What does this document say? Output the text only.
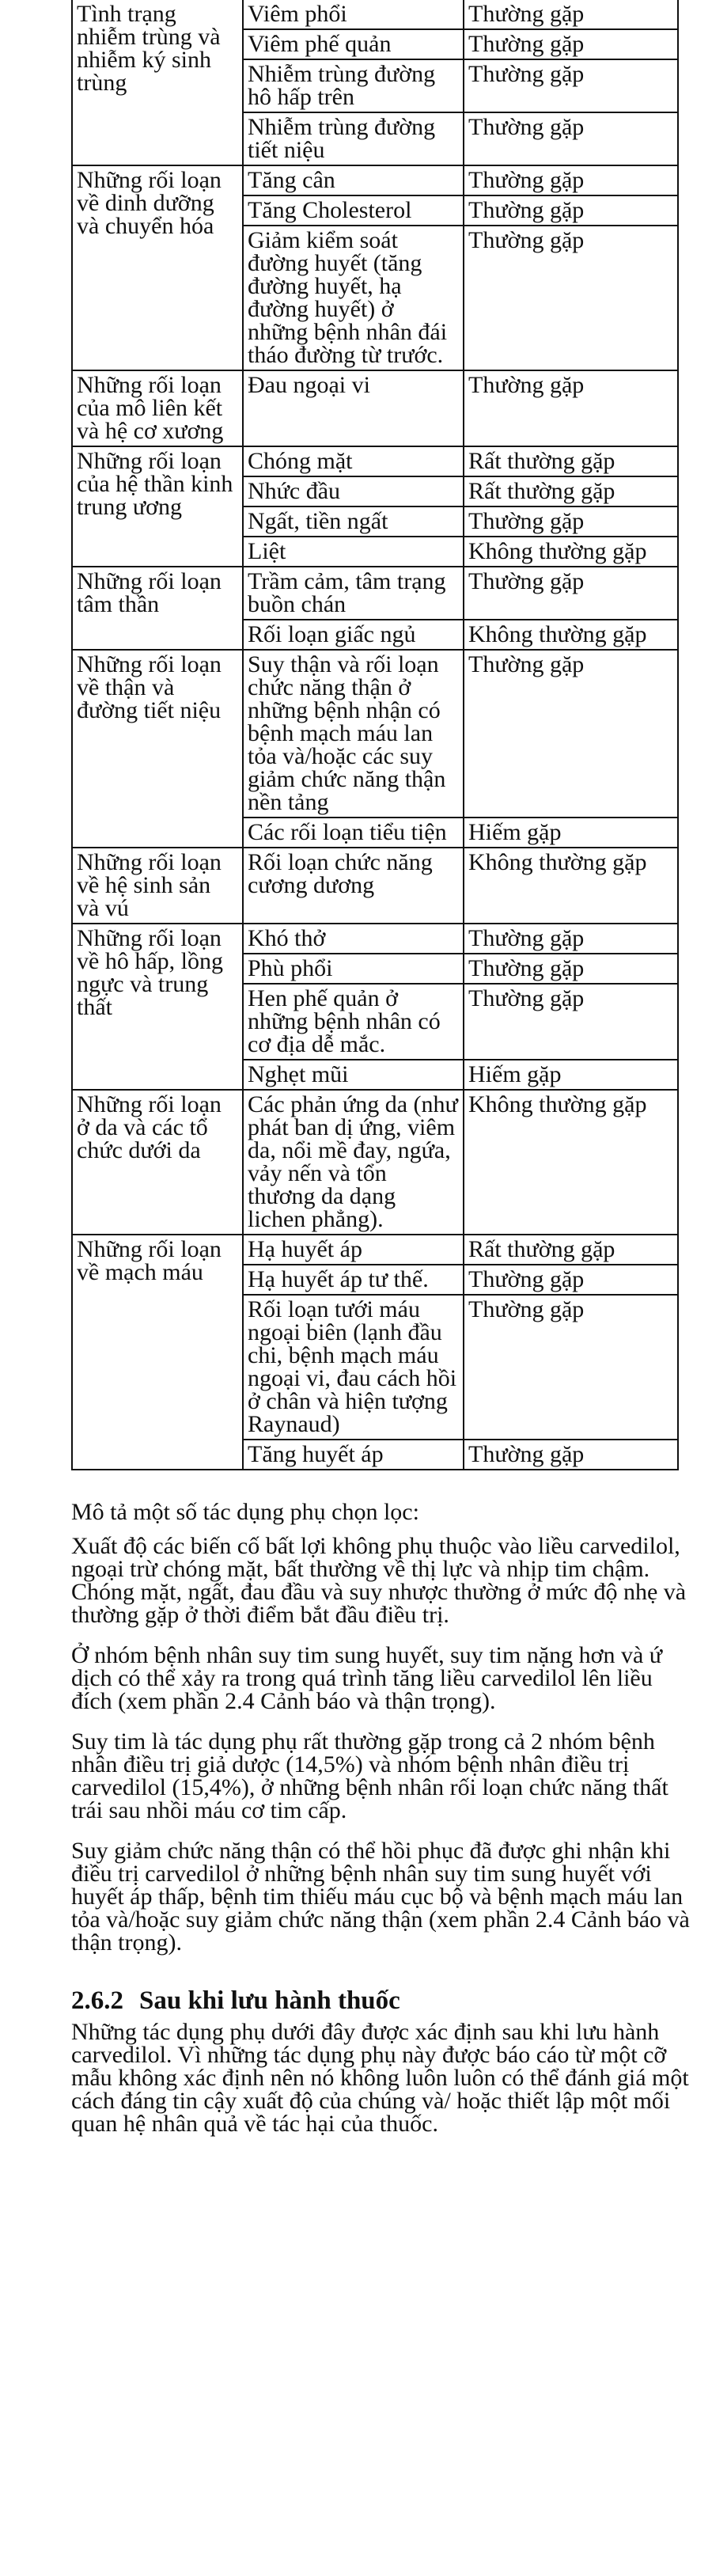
Tình trạng nhiễm trùng và nhiễm ký sinh trùng	Viêm phổi	Thường gặp
	Viêm phế quản	Thường gặp
	Nhiễm trùng đường hô hấp trên	Thường gặp
	Nhiễm trùng đường tiết niệu	Thường gặp
Những rối loạn về dinh dưỡng và chuyển hóa	Tăng cân	Thường gặp
	Tăng Cholesterol	Thường gặp
	Giảm kiểm soát đường huyết (tăng đường huyết, hạ đường huyết) ở những bệnh nhân đái tháo đường từ trước.	Thường gặp
Những rối loạn của mô liên kết và hệ cơ xương	Đau ngoại vi	Thường gặp
Những rối loạn của hệ thần kinh trung ương	Chóng mặt	Rất thường gặp
	Nhức đầu	Rất thường gặp
	Ngất, tiền ngất	Thường gặp
	Liệt	Không thường gặp
Những rối loạn tâm thần	Trầm cảm, tâm trạng buồn chán	Thường gặp
	Rối loạn giấc ngủ	Không thường gặp
Những rối loạn về thận và đường tiết niệu	Suy thận và rối loạn chức năng thận ở những bệnh nhận có bệnh mạch máu lan tỏa và/hoặc các suy giảm chức năng thận nền tảng	Thường gặp
	Các rối loạn tiểu tiện	Hiếm gặp
Những rối loạn về hệ sinh sản và vú	Rối loạn chức năng cương dương	Không thường gặp
Những rối loạn về hô hấp, lồng ngực và trung thất	Khó thở	Thường gặp
	Phù phổi	Thường gặp
	Hen phế quản ở những bệnh nhân có cơ địa dễ mắc.	Thường gặp
	Nghẹt mũi	Hiếm gặp
Những rối loạn ở da và các tổ chức dưới da	Các phản ứng da (như phát ban dị ứng, viêm da, nổi mề đay, ngứa, vảy nến và tổn thương da dạng lichen phẳng).	Không thường gặp
Những rối loạn về mạch máu	Hạ huyết áp	Rất thường gặp
	Hạ huyết áp tư thế.	Thường gặp
	Rối loạn tưới máu ngoại biên (lạnh đầu chi, bệnh mạch máu ngoại vi, đau cách hồi ở chân và hiện tượng Raynaud)	Thường gặp
	Tăng huyết áp	Thường gặp

Mô tả một số tác dụng phụ chọn lọc:

Xuất độ các biến cố bất lợi không phụ thuộc vào liều carvedilol, ngoại trừ chóng mặt, bất thường về thị lực và nhịp tim chậm. Chóng mặt, ngất, đau đầu và suy nhược thường ở mức độ nhẹ và thường gặp ở thời điểm bắt đầu điều trị.

Ở nhóm bệnh nhân suy tim sung huyết, suy tim nặng hơn và ứ dịch có thể xảy ra trong quá trình tăng liều carvedilol lên liều đích (xem phần 2.4 Cảnh báo và thận trọng).

Suy tim là tác dụng phụ rất thường gặp trong cả 2 nhóm bệnh nhân điều trị giả dược (14,5%) và nhóm bệnh nhân điều trị carvedilol (15,4%), ở những bệnh nhân rối loạn chức năng thất trái sau nhồi máu cơ tim cấp.

Suy giảm chức năng thận có thể hồi phục đã được ghi nhận khi điều trị carvedilol ở những bệnh nhân suy tim sung huyết với huyết áp thấp, bệnh tim thiếu máu cục bộ và bệnh mạch máu lan tỏa và/hoặc suy giảm chức năng thận (xem phần 2.4 Cảnh báo và thận trọng).

2.6.2 Sau khi lưu hành thuốc

Những tác dụng phụ dưới đây được xác định sau khi lưu hành carvedilol. Vì những tác dụng phụ này được báo cáo từ một cỡ mẫu không xác định nên nó không luôn luôn có thể đánh giá một cách đáng tin cậy xuất độ của chúng và/ hoặc thiết lập một mối quan hệ nhân quả về tác hại của thuốc.
